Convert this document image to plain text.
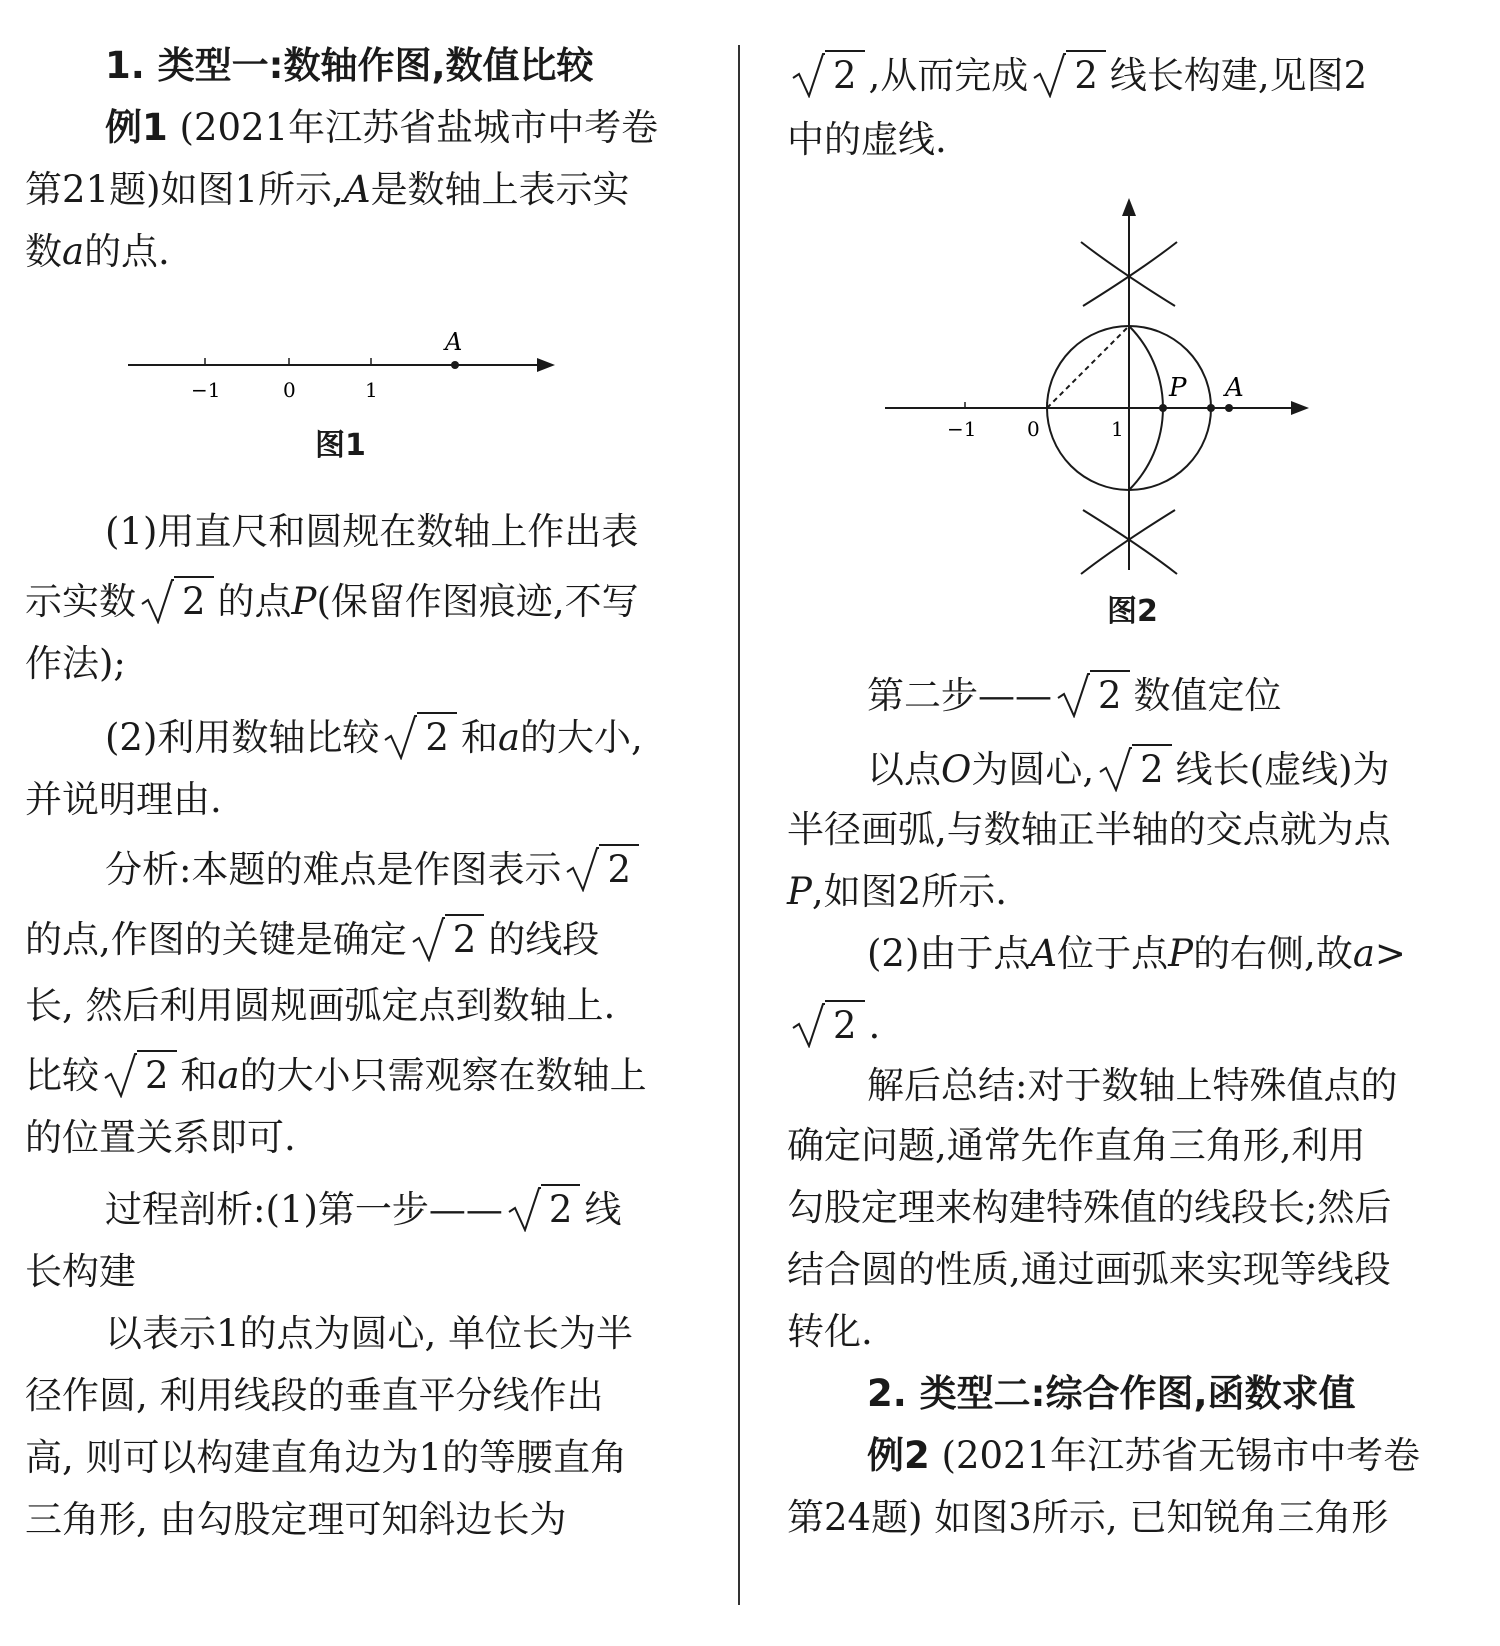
1. 类型一:数轴作图,数值比较
例1 (2021年江苏省盐城市中考卷
第21题)如图1所示,A是数轴上表示实
数a的点.
A
−1	0	1
图1
(1)用直尺和圆规在数轴上作出表
示实数 2 的点P(保留作图痕迹,不写
作法);
(2)利用数轴比较 2 和a的大小,
并说明理由.
分析:本题的难点是作图表示 2
的点,作图的关键是确定 2 的线段
长, 然后利用圆规画弧定点到数轴上.
比较 2 和a的大小只需观察在数轴上
的位置关系即可.
过程剖析:(1)第一步—— 2 线
长构建
以表示1的点为圆心, 单位长为半
径作圆, 利用线段的垂直平分线作出
高, 则可以构建直角边为1的等腰直角
三角形, 由勾股定理可知斜边长为
2 ,从而完成 2 线长构建,见图2
中的虚线.
P A
−1	0	1
图2
第二步—— 2 数值定位
以点O为圆心, 2 线长(虚线)为
半径画弧,与数轴正半轴的交点就为点
P,如图2所示.
(2)由于点A位于点P的右侧,故a>
2 .
解后总结:对于数轴上特殊值点的
确定问题,通常先作直角三角形,利用
勾股定理来构建特殊值的线段长;然后
结合圆的性质,通过画弧来实现等线段
转化.
2. 类型二:综合作图,函数求值
例2 (2021年江苏省无锡市中考卷
第24题) 如图3所示, 已知锐角三角形
